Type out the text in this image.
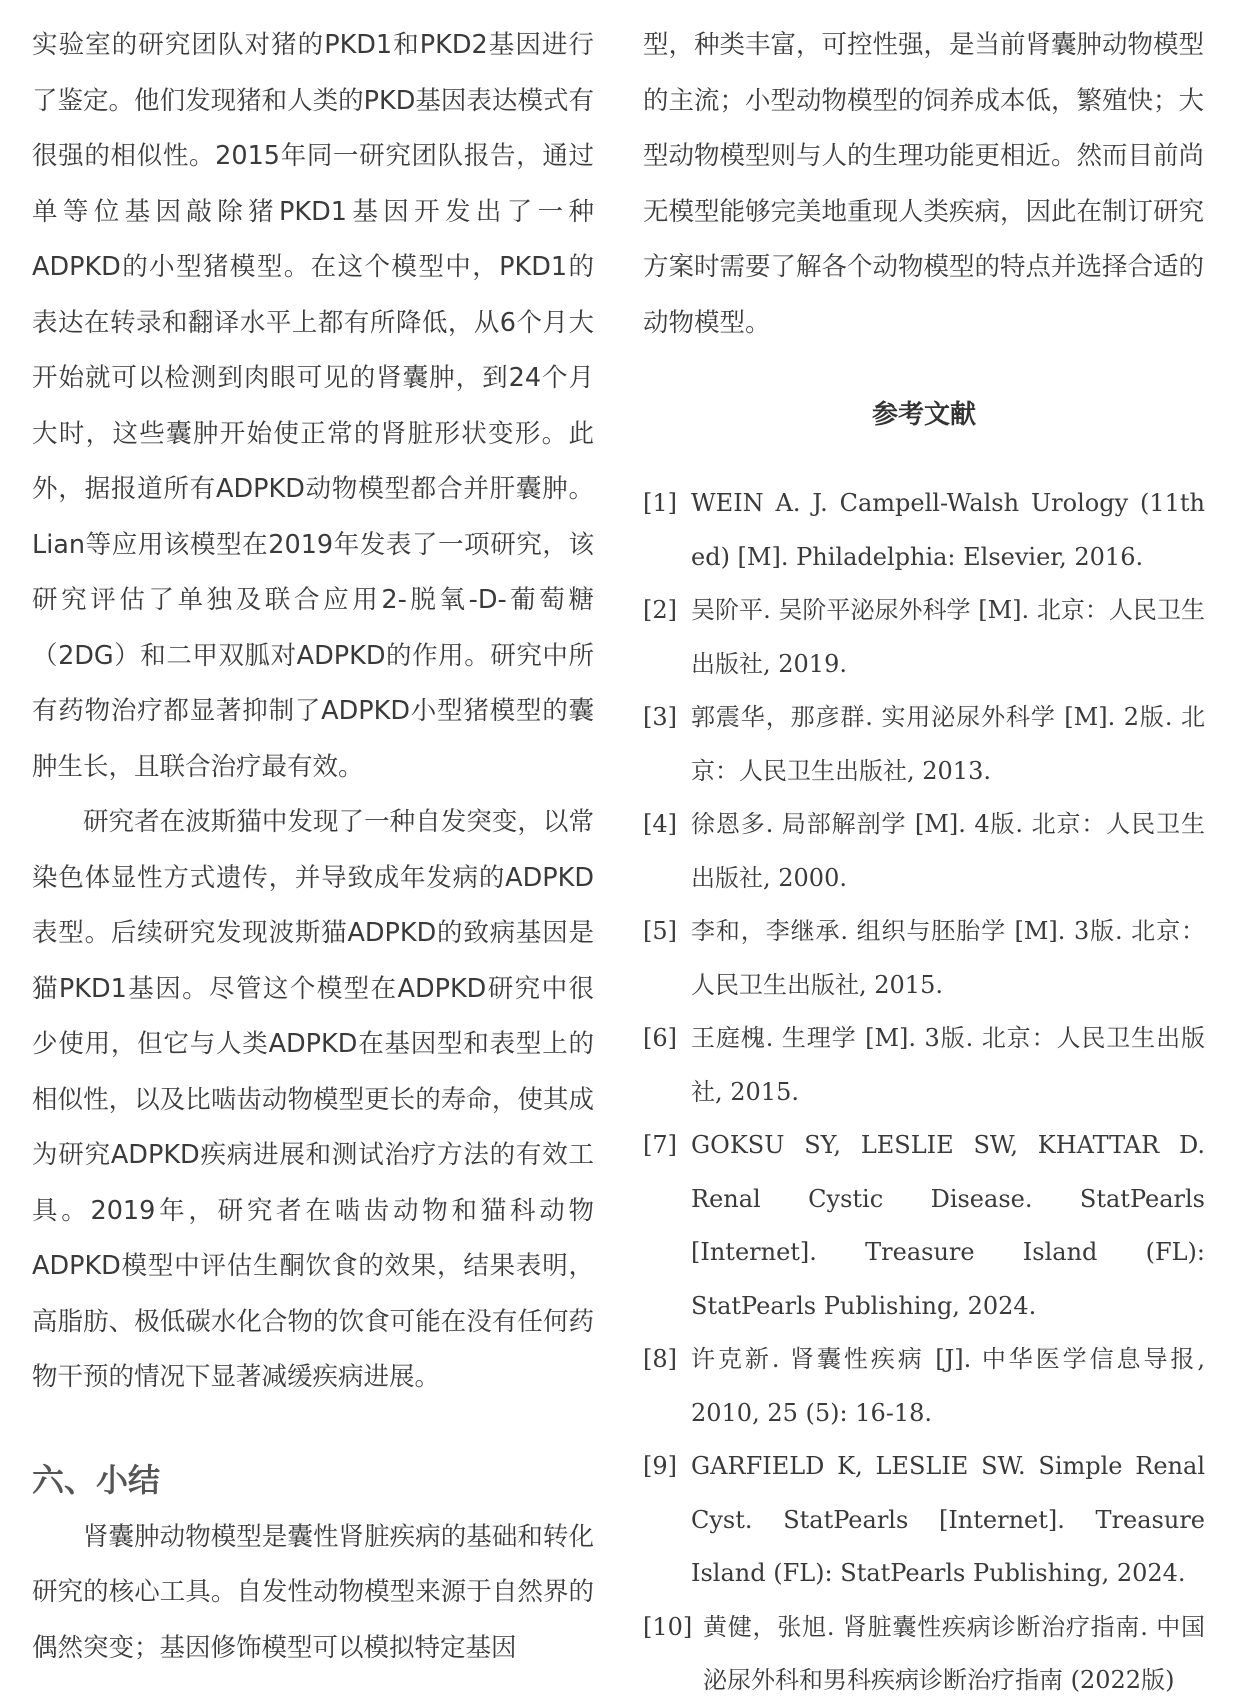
实验室的研究团队对猪的PKD1和PKD2基因进行了鉴定。他们发现猪和人类的PKD基因表达模式有很强的相似性。2015年同一研究团队报告，通过单等位基因敲除猪PKD1基因开发出了一种ADPKD的小型猪模型。在这个模型中，PKD1的表达在转录和翻译水平上都有所降低，从6个月大开始就可以检测到肉眼可见的肾囊肿，到24个月大时，这些囊肿开始使正常的肾脏形状变形。此外，据报道所有ADPKD动物模型都合并肝囊肿。Lian等应用该模型在2019年发表了一项研究，该研究评估了单独及联合应用2-脱氧-D-葡萄糖（2DG）和二甲双胍对ADPKD的作用。研究中所有药物治疗都显著抑制了ADPKD小型猪模型的囊肿生长，且联合治疗最有效。

研究者在波斯猫中发现了一种自发突变，以常染色体显性方式遗传，并导致成年发病的ADPKD表型。后续研究发现波斯猫ADPKD的致病基因是猫PKD1基因。尽管这个模型在ADPKD研究中很少使用，但它与人类ADPKD在基因型和表型上的相似性，以及比啮齿动物模型更长的寿命，使其成为研究ADPKD疾病进展和测试治疗方法的有效工具。2019年，研究者在啮齿动物和猫科动物ADPKD模型中评估生酮饮食的效果，结果表明，高脂肪、极低碳水化合物的饮食可能在没有任何药物干预的情况下显著减缓疾病进展。

六、小结

肾囊肿动物模型是囊性肾脏疾病的基础和转化研究的核心工具。自发性动物模型来源于自然界的偶然突变；基因修饰模型可以模拟特定基因

型，种类丰富，可控性强，是当前肾囊肿动物模型的主流；小型动物模型的饲养成本低，繁殖快；大型动物模型则与人的生理功能更相近。然而目前尚无模型能够完美地重现人类疾病，因此在制订研究方案时需要了解各个动物模型的特点并选择合适的动物模型。

参考文献
[1] WEIN A. J. Campell-Walsh Urology (11th ed) [M]. Philadelphia: Elsevier, 2016.
[2] 吴阶平. 吴阶平泌尿外科学 [M]. 北京：人民卫生出版社, 2019.
[3] 郭震华，那彦群. 实用泌尿外科学 [M]. 2版. 北京：人民卫生出版社, 2013.
[4] 徐恩多. 局部解剖学 [M]. 4版. 北京：人民卫生出版社, 2000.
[5] 李和，李继承. 组织与胚胎学 [M]. 3版. 北京：人民卫生出版社, 2015.
[6] 王庭槐. 生理学 [M]. 3版. 北京：人民卫生出版社, 2015.
[7] GOKSU SY, LESLIE SW, KHATTAR D. Renal Cystic Disease. StatPearls [Internet]. Treasure Island (FL): StatPearls Publishing, 2024.
[8] 许克新. 肾囊性疾病 [J]. 中华医学信息导报, 2010, 25 (5): 16-18.
[9] GARFIELD K, LESLIE SW. Simple Renal Cyst. StatPearls [Internet]. Treasure Island (FL): StatPearls Publishing, 2024.
[10] 黄健，张旭. 肾脏囊性疾病诊断治疗指南. 中国泌尿外科和男科疾病诊断治疗指南 (2022版)
